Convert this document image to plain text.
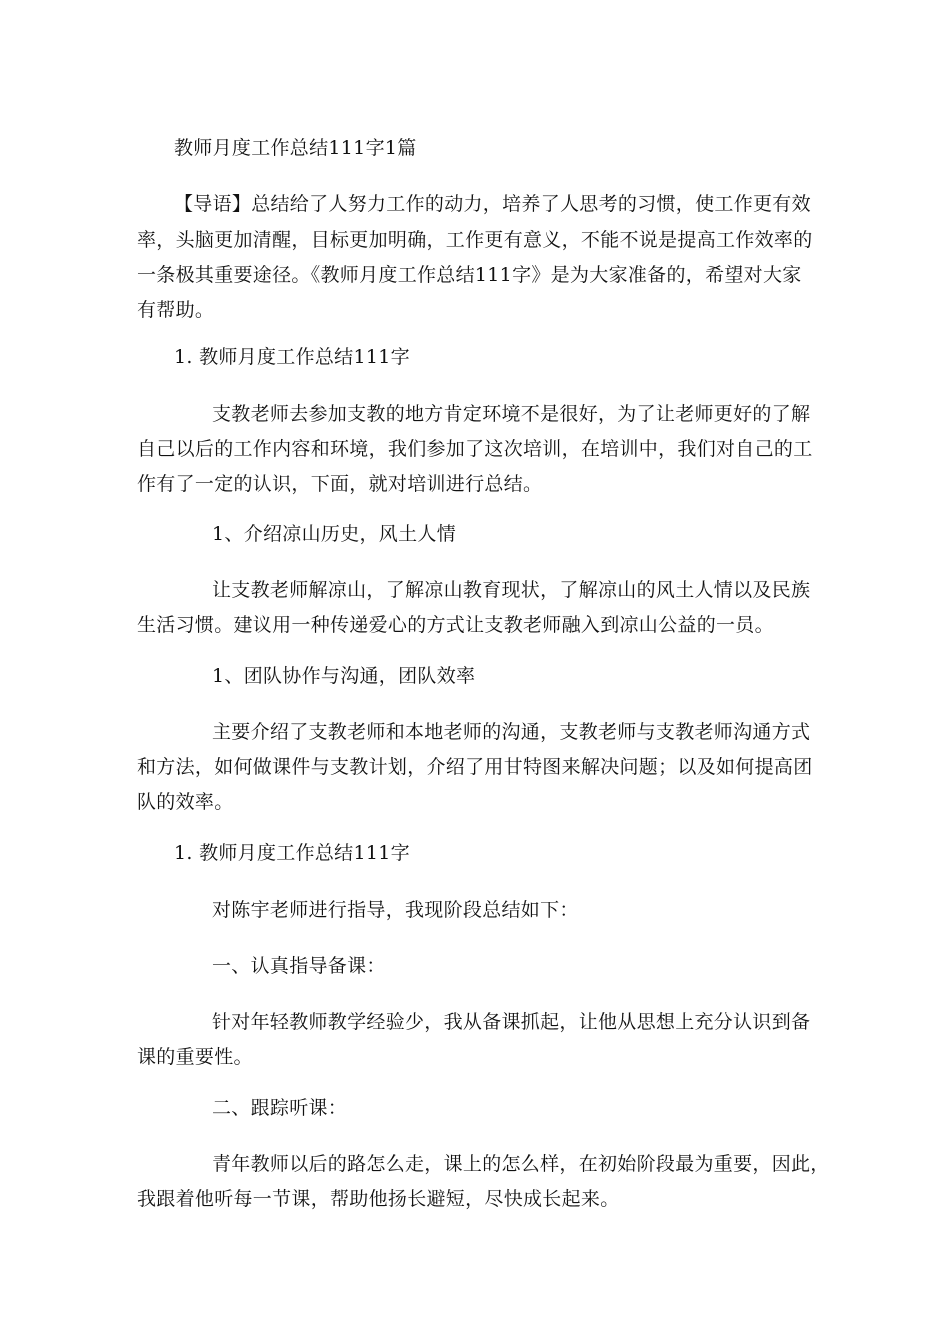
教师月度工作总结111字1篇
【导语】总结给了人努力工作的动力，培养了人思考的习惯，使工作更有效
率，头脑更加清醒，目标更加明确，工作更有意义，不能不说是提高工作效率的
一条极其重要途径。《教师月度工作总结111字》是为大家准备的，希望对大家
有帮助。
1. 教师月度工作总结111字
支教老师去参加支教的地方肯定环境不是很好，为了让老师更好的了解
自己以后的工作内容和环境，我们参加了这次培训，在培训中，我们对自己的工
作有了一定的认识，下面，就对培训进行总结。
1、介绍凉山历史，风土人情
让支教老师解凉山，了解凉山教育现状，了解凉山的风土人情以及民族
生活习惯。建议用一种传递爱心的方式让支教老师融入到凉山公益的一员。
1、团队协作与沟通，团队效率
主要介绍了支教老师和本地老师的沟通，支教老师与支教老师沟通方式
和方法，如何做课件与支教计划，介绍了用甘特图来解决问题；以及如何提高团
队的效率。
1. 教师月度工作总结111字
对陈宇老师进行指导，我现阶段总结如下：
一、认真指导备课：
针对年轻教师教学经验少，我从备课抓起，让他从思想上充分认识到备
课的重要性。
二、跟踪听课：
青年教师以后的路怎么走，课上的怎么样，在初始阶段最为重要，因此，
我跟着他听每一节课，帮助他扬长避短，尽快成长起来。
